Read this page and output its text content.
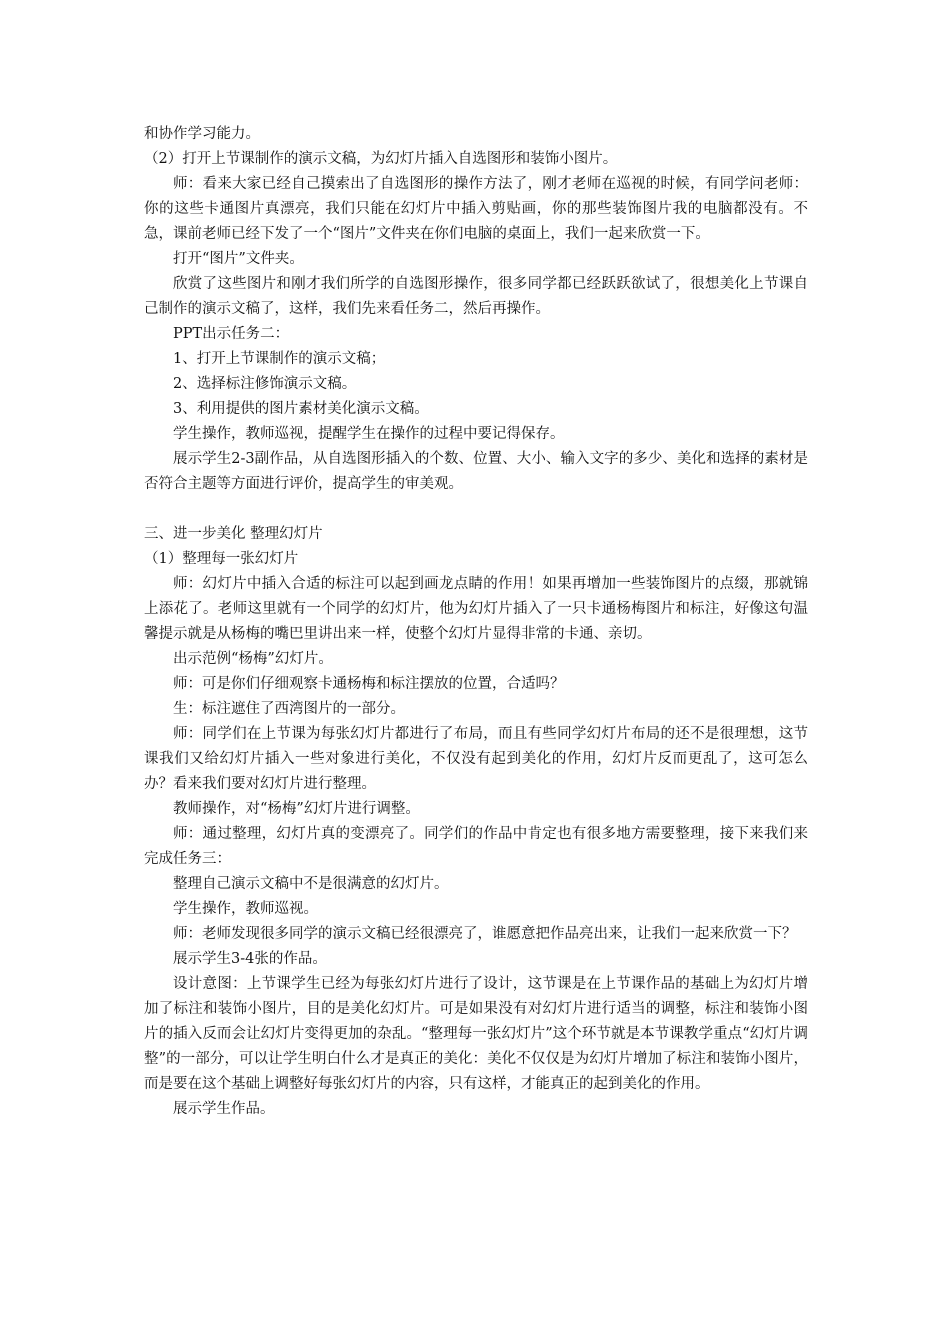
和协作学习能力。

（2）打开上节课制作的演示文稿，为幻灯片插入自选图形和装饰小图片。

师：看来大家已经自己摸索出了自选图形的操作方法了，刚才老师在巡视的时候，有同学问老师：你的这些卡通图片真漂亮，我们只能在幻灯片中插入剪贴画，你的那些装饰图片我的电脑都没有。不急，课前老师已经下发了一个“图片”文件夹在你们电脑的桌面上，我们一起来欣赏一下。

打开“图片”文件夹。

欣赏了这些图片和刚才我们所学的自选图形操作，很多同学都已经跃跃欲试了，很想美化上节课自己制作的演示文稿了，这样，我们先来看任务二，然后再操作。

PPT出示任务二：

1、打开上节课制作的演示文稿；

2、选择标注修饰演示文稿。

3、利用提供的图片素材美化演示文稿。

学生操作，教师巡视，提醒学生在操作的过程中要记得保存。

展示学生2-3副作品，从自选图形插入的个数、位置、大小、输入文字的多少、美化和选择的素材是否符合主题等方面进行评价，提高学生的审美观。

三、进一步美化 整理幻灯片

（1）整理每一张幻灯片

师：幻灯片中插入合适的标注可以起到画龙点睛的作用！如果再增加一些装饰图片的点缀，那就锦上添花了。老师这里就有一个同学的幻灯片，他为幻灯片插入了一只卡通杨梅图片和标注，好像这句温馨提示就是从杨梅的嘴巴里讲出来一样，使整个幻灯片显得非常的卡通、亲切。

出示范例“杨梅”幻灯片。

师：可是你们仔细观察卡通杨梅和标注摆放的位置，合适吗？

生：标注遮住了西湾图片的一部分。

师：同学们在上节课为每张幻灯片都进行了布局，而且有些同学幻灯片布局的还不是很理想，这节课我们又给幻灯片插入一些对象进行美化，不仅没有起到美化的作用，幻灯片反而更乱了，这可怎么办？看来我们要对幻灯片进行整理。

教师操作，对“杨梅”幻灯片进行调整。

师：通过整理，幻灯片真的变漂亮了。同学们的作品中肯定也有很多地方需要整理，接下来我们来完成任务三：

整理自己演示文稿中不是很满意的幻灯片。

学生操作，教师巡视。

师：老师发现很多同学的演示文稿已经很漂亮了，谁愿意把作品亮出来，让我们一起来欣赏一下？

展示学生3-4张的作品。

设计意图：上节课学生已经为每张幻灯片进行了设计，这节课是在上节课作品的基础上为幻灯片增加了标注和装饰小图片，目的是美化幻灯片。可是如果没有对幻灯片进行适当的调整，标注和装饰小图片的插入反而会让幻灯片变得更加的杂乱。“整理每一张幻灯片”这个环节就是本节课教学重点“幻灯片调整”的一部分，可以让学生明白什么才是真正的美化：美化不仅仅是为幻灯片增加了标注和装饰小图片，而是要在这个基础上调整好每张幻灯片的内容，只有这样，才能真正的起到美化的作用。

展示学生作品。
